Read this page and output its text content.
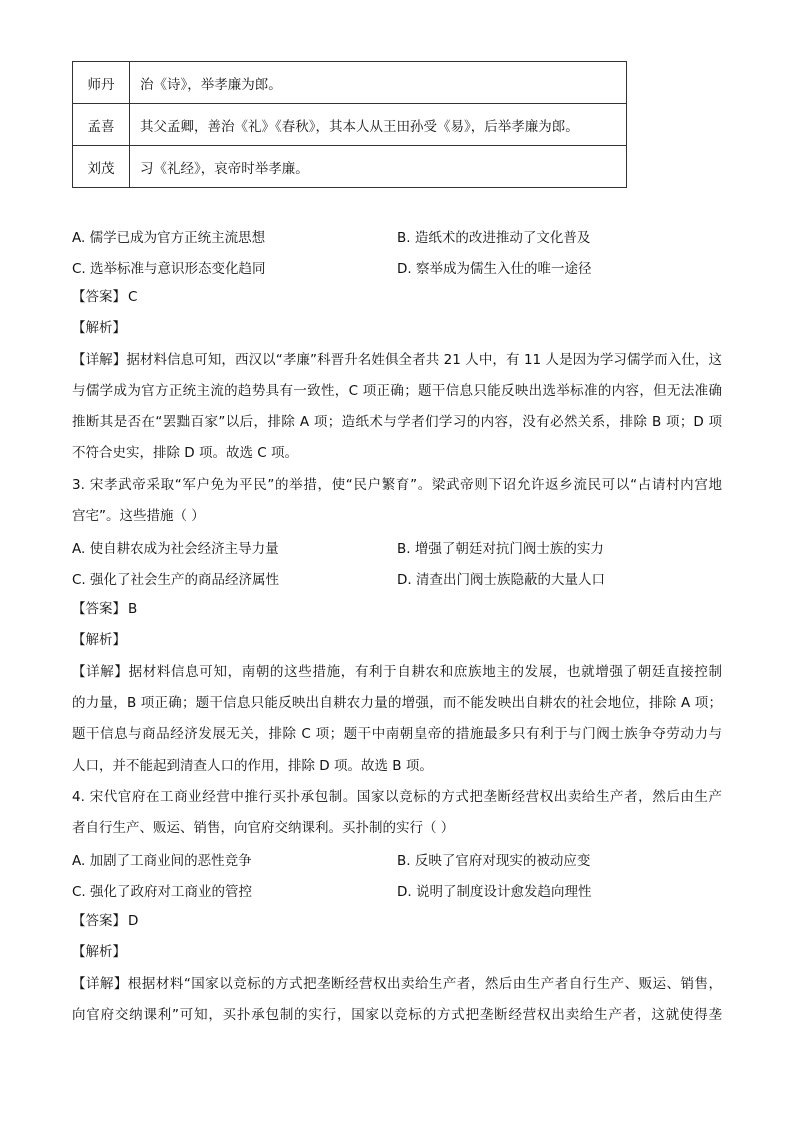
师丹	治《诗》，举孝廉为郎。
孟喜	其父孟卿，善治《礼》《春秋》，其本人从王田孙受《易》，后举孝廉为郎。
刘茂	习《礼经》，哀帝时举孝廉。
A. 儒学已成为官方正统主流思想	B. 造纸术的改进推动了文化普及
C. 选举标准与意识形态变化趋同	D. 察举成为儒生入仕的唯一途径
【答案】 C
【解析】
【详解】据材料信息可知，西汉以“孝廉”科晋升名姓俱全者共 21 人中，有 11 人是因为学习儒学而入仕，这
与儒学成为官方正统主流的趋势具有一致性，C 项正确；题干信息只能反映出选举标准的内容，但无法准确
推断其是否在“罢黜百家”以后，排除 A 项；造纸术与学者们学习的内容，没有必然关系，排除 B 项；D 项
不符合史实，排除 D 项。故选 C 项。
3. 宋孝武帝采取“军户免为平民”的举措，使“民户繁育”。梁武帝则下诏允许返乡流民可以“占请村内宫地
宫宅”。这些措施（ ）
A. 使自耕农成为社会经济主导力量	B. 增强了朝廷对抗门阀士族的实力
C. 强化了社会生产的商品经济属性	D. 清查出门阀士族隐蔽的大量人口
【答案】 B
【解析】
【详解】据材料信息可知，南朝的这些措施，有利于自耕农和庶族地主的发展，也就增强了朝廷直接控制
的力量，B 项正确；题干信息只能反映出自耕农力量的增强，而不能发映出自耕农的社会地位，排除 A 项；
题干信息与商品经济发展无关，排除 C 项；题干中南朝皇帝的措施最多只有利于与门阀士族争夺劳动力与
人口，并不能起到清查人口的作用，排除 D 项。故选 B 项。
4. 宋代官府在工商业经营中推行买扑承包制。国家以竞标的方式把垄断经营权出卖给生产者，然后由生产
者自行生产、贩运、销售，向官府交纳课利。买扑制的实行（ ）
A. 加剧了工商业间的恶性竞争	B. 反映了官府对现实的被动应变
C. 强化了政府对工商业的管控	D. 说明了制度设计愈发趋向理性
【答案】 D
【解析】
【详解】根据材料“国家以竞标的方式把垄断经营权出卖给生产者，然后由生产者自行生产、贩运、销售，
向官府交纳课利”可知，买扑承包制的实行，国家以竞标的方式把垄断经营权出卖给生产者，这就使得垄
